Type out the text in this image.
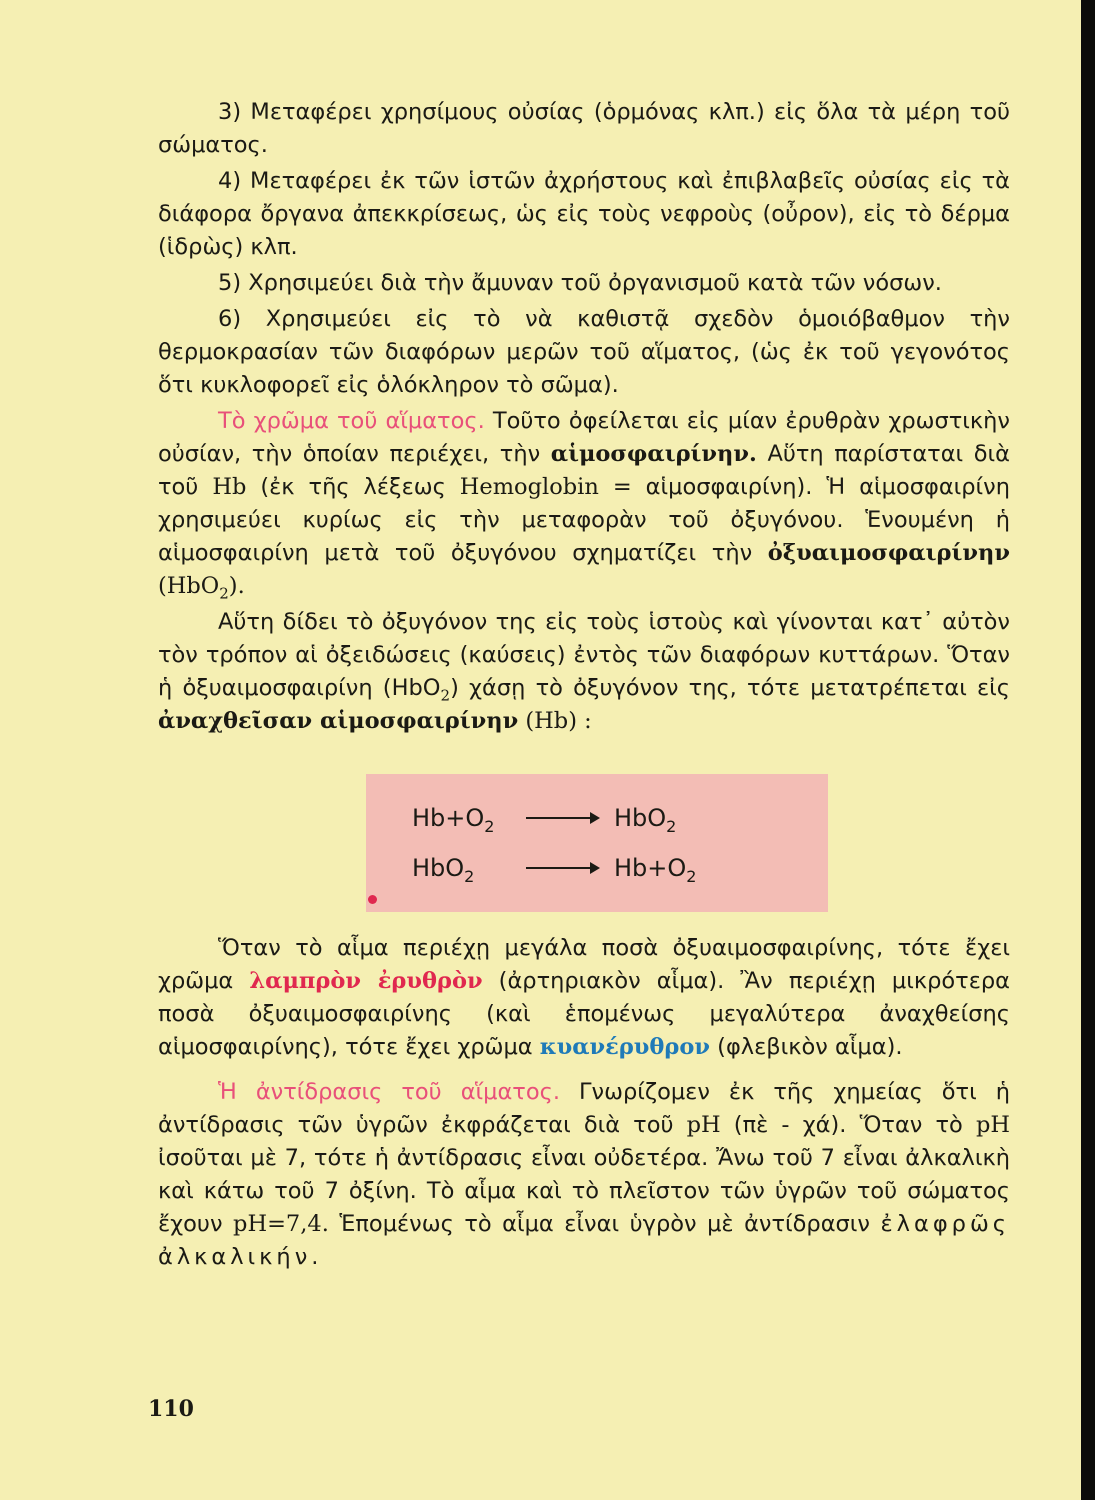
3) Μεταφέρει χρησίμους οὐσίας (ὁρμόνας κλπ.) εἰς ὅλα τὰ μέρη τοῦ σώματος.

4) Μεταφέρει ἐκ τῶν ἱστῶν ἀχρήστους καὶ ἐπιβλαβεῖς οὐσίας εἰς τὰ διάφορα ὄργανα ἀπεκκρίσεως, ὡς εἰς τοὺς νεφροὺς (οὖρον), εἰς τὸ δέρμα (ἱδρὼς) κλπ.

5) Χρησιμεύει διὰ τὴν ἄμυναν τοῦ ὀργανισμοῦ κατὰ τῶν νόσων.

6) Χρησιμεύει εἰς τὸ νὰ καθιστᾷ σχεδὸν ὁμοιόβαθμον τὴν θερμοκρασίαν τῶν διαφόρων μερῶν τοῦ αἵματος, (ὡς ἐκ τοῦ γεγονότος ὅτι κυκλοφορεῖ εἰς ὁλόκληρον τὸ σῶμα).

Τὸ χρῶμα τοῦ αἵματος. Τοῦτο ὀφείλεται εἰς μίαν ἐρυθρὰν χρωστικὴν οὐσίαν, τὴν ὁποίαν περιέχει, τὴν αἱμοσφαιρίνην. Αὕτη παρίσταται διὰ τοῦ Hb (ἐκ τῆς λέξεως Hemoglobin = αἱμοσφαιρίνη). Ἡ αἱμοσφαιρίνη χρησιμεύει κυρίως εἰς τὴν μεταφορὰν τοῦ ὀξυγόνου. Ἑνουμένη ἡ αἱμοσφαιρίνη μετὰ τοῦ ὀξυγόνου σχηματίζει τὴν ὀξυαιμοσφαιρίνην (HbO$_2$).

Αὕτη δίδει τὸ ὀξυγόνον της εἰς τοὺς ἱστοὺς καὶ γίνονται κατ᾽ αὐτὸν τὸν τρόπον αἱ ὀξειδώσεις (καύσεις) ἐντὸς τῶν διαφόρων κυττάρων. Ὅταν ἡ ὀξυαιμοσφαιρίνη (HbO$_2$) χάσῃ τὸ ὀξυγόνον της, τότε μετατρέπεται εἰς ἀναχθεῖσαν αἱμοσφαιρίνην (Hb) :

$Hb+O_2$	HbO$_2$
HbO$_2$	$Hb+O_2$

Ὅταν τὸ αἷμα περιέχῃ μεγάλα ποσὰ ὀξυαιμοσφαιρίνης, τότε ἔχει χρῶμα λαμπρὸν ἐρυθρὸν (ἀρτηριακὸν αἷμα). Ἂν περιέχῃ μικρότερα ποσὰ ὀξυαιμοσφαιρίνης (καὶ ἑπομένως μεγαλύτερα ἀναχθείσης αἱμοσφαιρίνης), τότε ἔχει χρῶμα κυανέρυθρον (φλεβικὸν αἷμα).

Ἡ ἀντίδρασις τοῦ αἵματος. Γνωρίζομεν ἐκ τῆς χημείας ὅτι ἡ ἀντίδρασις τῶν ὑγρῶν ἐκφράζεται διὰ τοῦ pH (πὲ - χά). Ὅταν τὸ pH ἰσοῦται μὲ 7, τότε ἡ ἀντίδρασις εἶναι οὐδετέρα. Ἄνω τοῦ 7 εἶναι ἀλκαλικὴ καὶ κάτω τοῦ 7 ὀξίνη. Τὸ αἷμα καὶ τὸ πλεῖστον τῶν ὑγρῶν τοῦ σώματος ἔχουν pH=7,4. Ἑπομένως τὸ αἷμα εἶναι ὑγρὸν μὲ ἀντίδρασιν ἐλαφρῶς ἀλκαλικήν.

110
